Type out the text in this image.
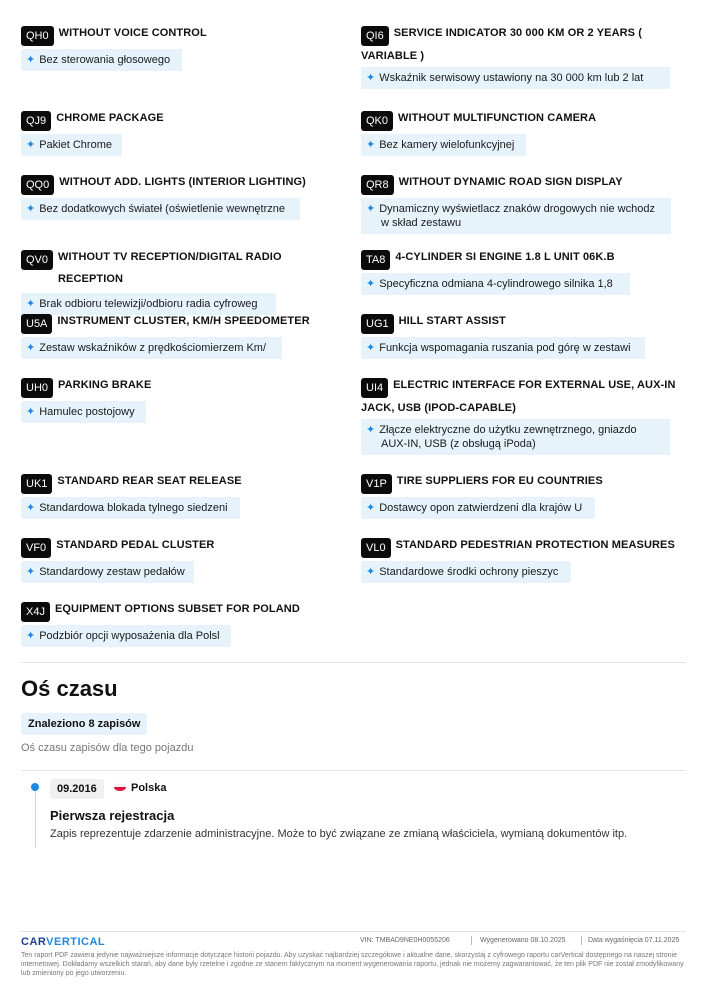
QH0 WITHOUT VOICE CONTROL
✦ Bez sterowania głosowego
QJ9 CHROME PACKAGE
✦ Pakiet Chrome
QQ0 WITHOUT ADD. LIGHTS (INTERIOR LIGHTING)
✦ Bez dodatkowych świateł (oświetlenie wewnętrzne
QV0 WITHOUT TV RECEPTION/DIGITAL RADIO RECEPTION
✦ Brak odbioru telewizji/odbioru radia cyfroweg
U5A INSTRUMENT CLUSTER, KM/H SPEEDOMETER
✦ Zestaw wskaźników z prędkościomierzem Km/
UH0 PARKING BRAKE
✦ Hamulec postojowy
UK1 STANDARD REAR SEAT RELEASE
✦ Standardowa blokada tylnego siedzeni
VF0 STANDARD PEDAL CLUSTER
✦ Standardowy zestaw pedałów
X4J EQUIPMENT OPTIONS SUBSET FOR POLAND
✦ Podzbiór opcji wyposażenia dla Polsl
QI6 SERVICE INDICATOR 30 000 KM OR 2 YEARS (
VARIABLE )
✦ Wskaźnik serwisowy ustawiony na 30 000 km lub 2 lat
QK0 WITHOUT MULTIFUNCTION CAMERA
✦ Bez kamery wielofunkcyjnej
QR8 WITHOUT DYNAMIC ROAD SIGN DISPLAY
✦ Dynamiczny wyświetlacz znaków drogowych nie wchodz
w skład zestawu
TA8 4-CYLINDER SI ENGINE 1.8 L UNIT 06K.B
✦ Specyficzna odmiana 4-cylindrowego silnika 1,8
UG1 HILL START ASSIST
✦ Funkcja wspomagania ruszania pod górę w zestawi
UI4 ELECTRIC INTERFACE FOR EXTERNAL USE, AUX-IN
JACK, USB (IPOD-CAPABLE)
✦ Złącze elektryczne do użytku zewnętrznego, gniazdo
AUX-IN, USB (z obsługą iPoda)
V1P TIRE SUPPLIERS FOR EU COUNTRIES
✦ Dostawcy opon zatwierdzeni dla krajów U
VL0 STANDARD PEDESTRIAN PROTECTION MEASURES
✦ Standardowe środki ochrony pieszyc
Oś czasu
Znaleziono 8 zapisów
Oś czasu zapisów dla tego pojazdu
09.2016	Polska
Pierwsza rejestracja
Zapis reprezentuje zdarzenie administracyjne. Może to być związane ze zmianą właściciela, wymianą dokumentów itp.
CARVERTICAL	VIN: TMBAD9NE0H0055206	Wygenerowano 08.10.2025	Data wygaśnięcia 07.11.2025
Ten raport PDF zawiera jedynie najważniejsze informacje dotyczące historii pojazdu. Aby uzyskać najbardziej szczegółowe i aktualne dane, skorzystaj z cyfrowego raportu carVertical dostępnego na naszej stronie internetowej. Dokładamy wszelkich starań, aby dane były rzetelne i zgodne ze stanem faktycznym na moment wygenerowania raportu, jednak nie możemy zagwarantować, że ten plik PDF nie został zmodyfikowany lub zmieniony po jego utworzeniu.
